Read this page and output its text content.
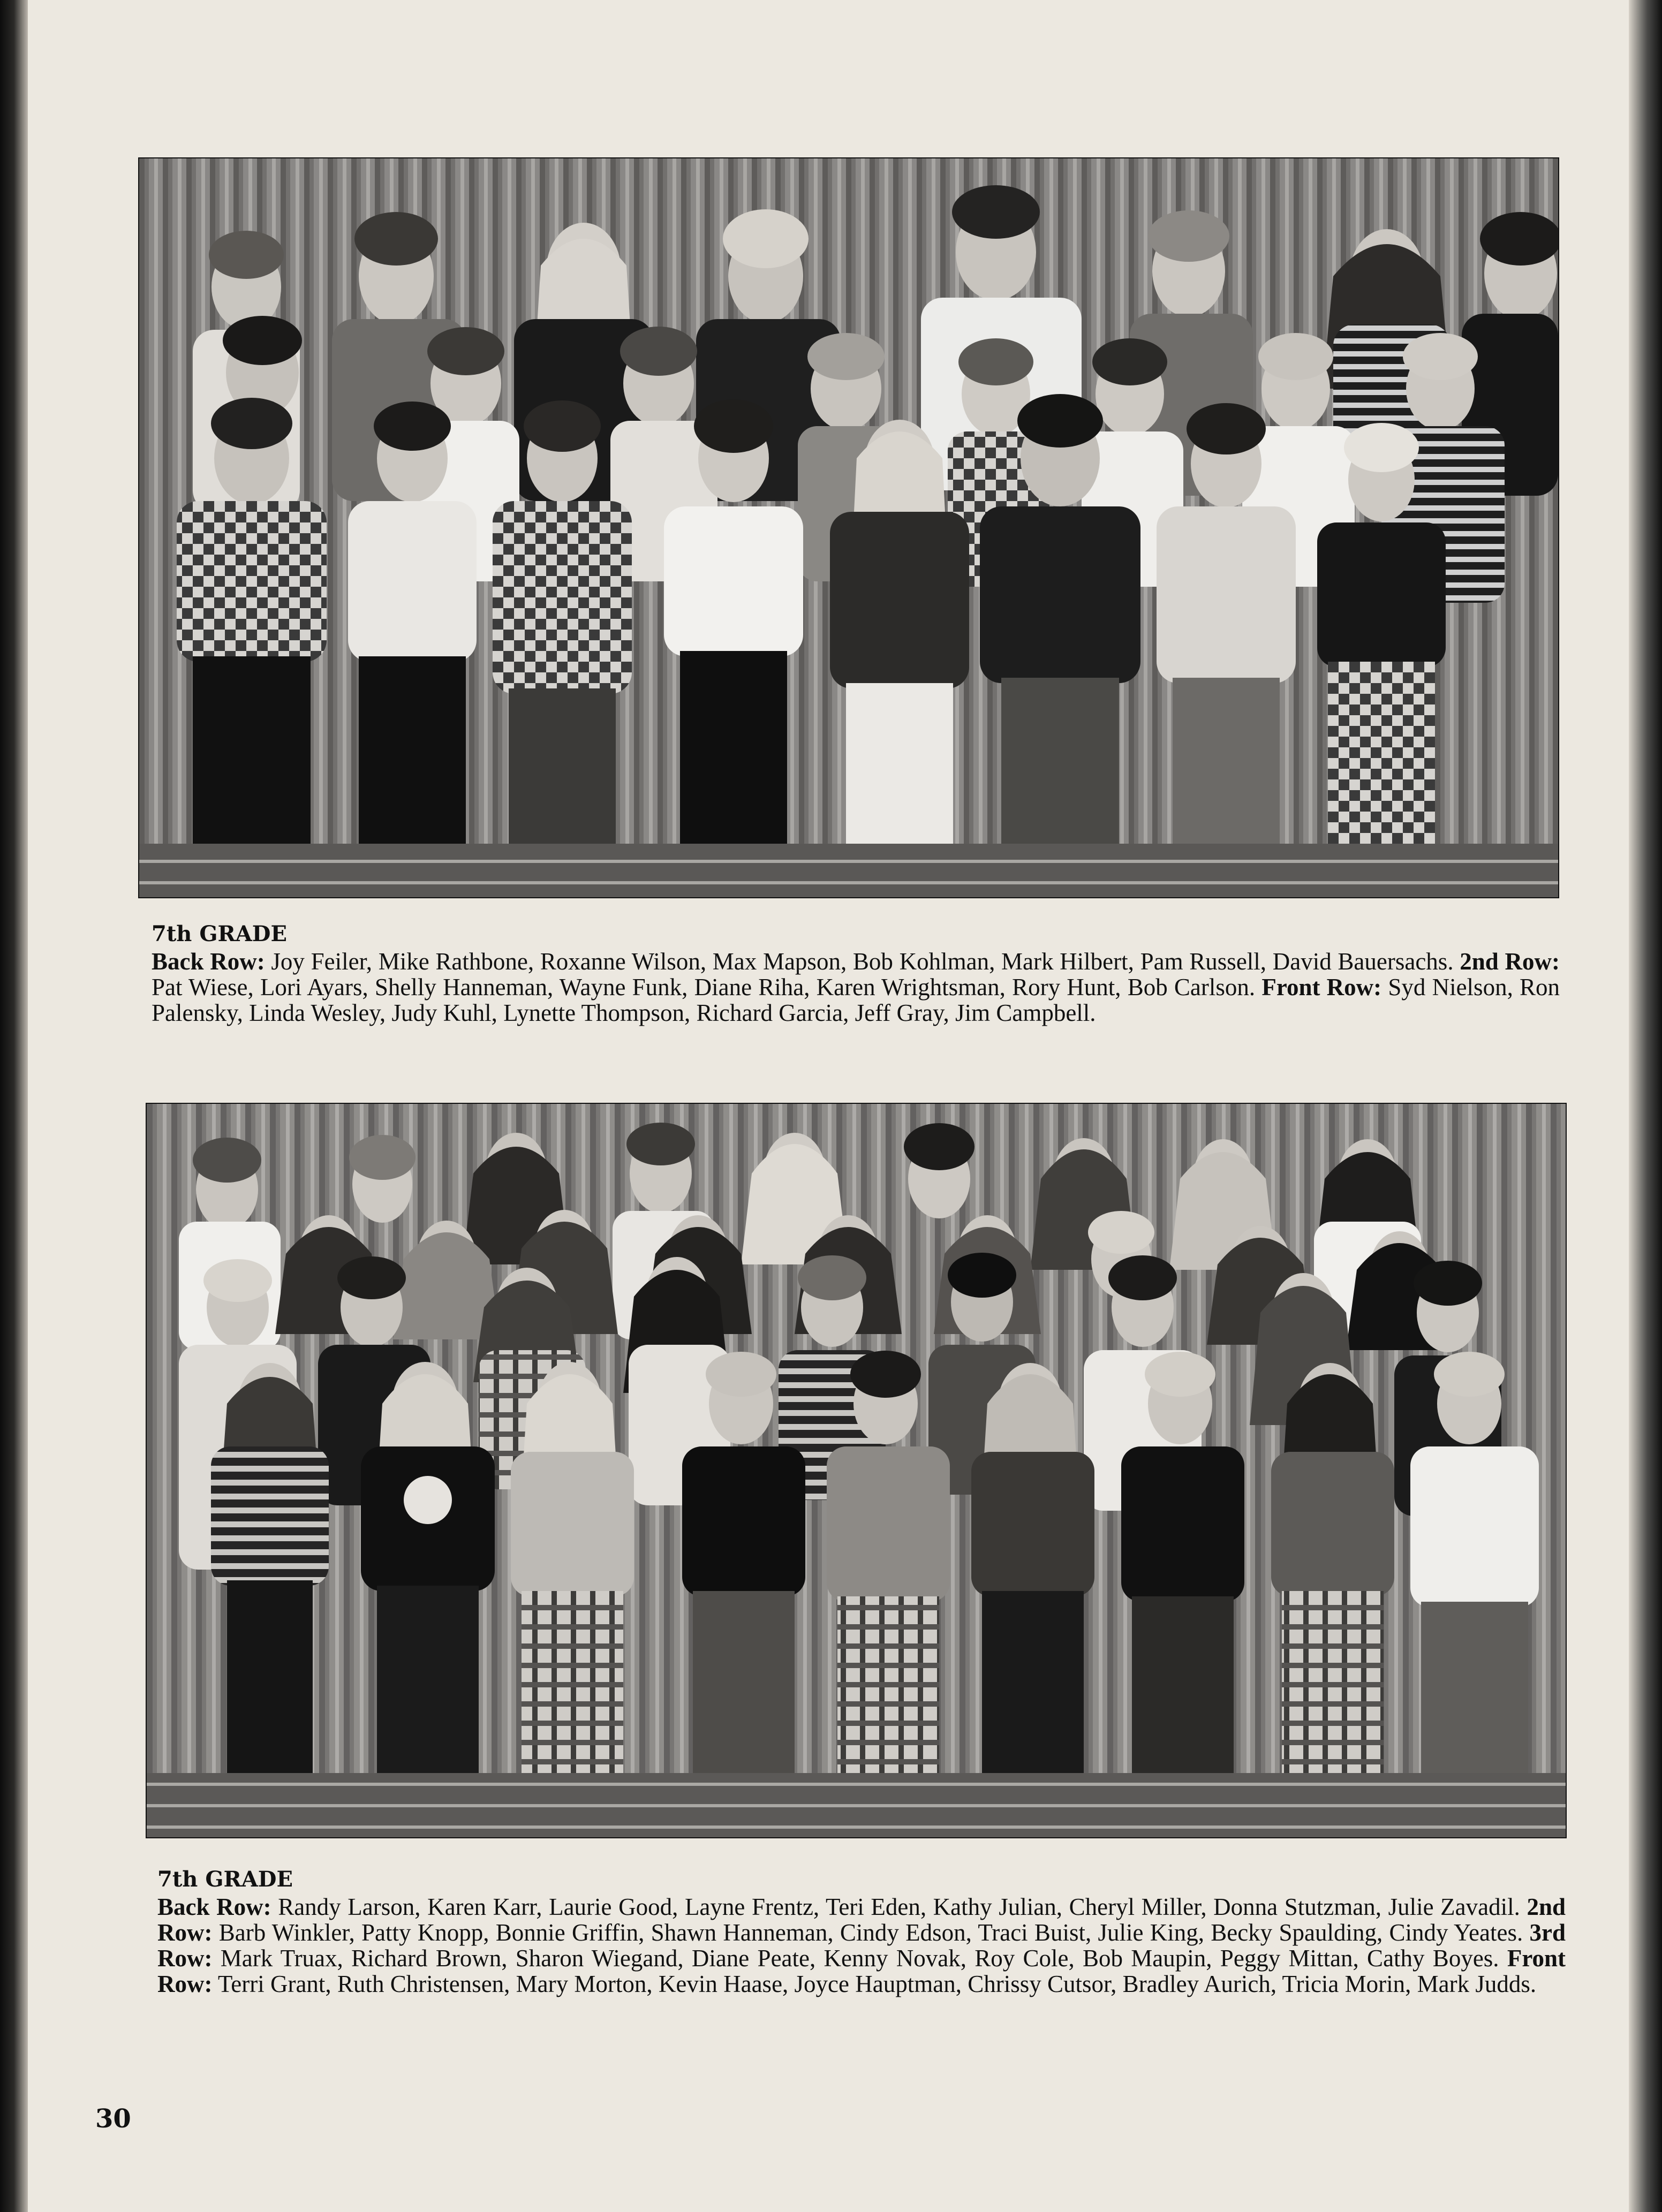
7th GRADE

Back Row: Joy Feiler, Mike Rathbone, Roxanne Wilson, Max Mapson, Bob Kohlman, Mark Hilbert, Pam Russell, David Bauersachs. 2nd Row: Pat Wiese, Lori Ayars, Shelly Hanneman, Wayne Funk, Diane Riha, Karen Wrightsman, Rory Hunt, Bob Carlson. Front Row: Syd Nielson, Ron Palensky, Linda Wesley, Judy Kuhl, Lynette Thompson, Richard Garcia, Jeff Gray, Jim Campbell.

7th GRADE

Back Row: Randy Larson, Karen Karr, Laurie Good, Layne Frentz, Teri Eden, Kathy Julian, Cheryl Miller, Donna Stutzman, Julie Zavadil. 2nd Row: Barb Winkler, Patty Knopp, Bonnie Griffin, Shawn Hanneman, Cindy Edson, Traci Buist, Julie King, Becky Spaulding, Cindy Yeates. 3rd Row: Mark Truax, Richard Brown, Sharon Wiegand, Diane Peate, Kenny Novak, Roy Cole, Bob Maupin, Peggy Mittan, Cathy Boyes. Front Row: Terri Grant, Ruth Christensen, Mary Morton, Kevin Haase, Joyce Hauptman, Chrissy Cutsor, Bradley Aurich, Tricia Morin, Mark Judds.

30
